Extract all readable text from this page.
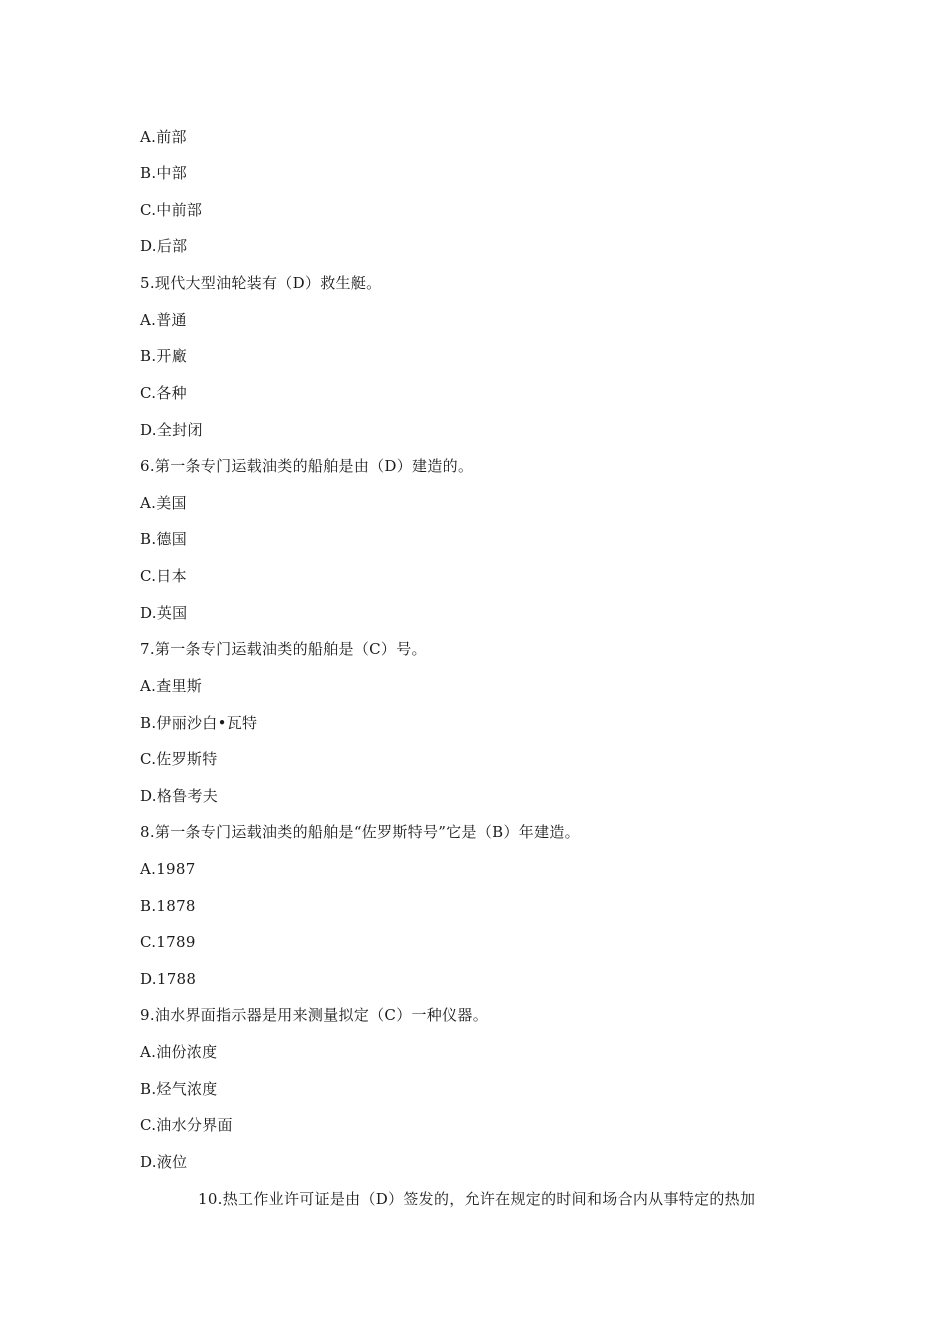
A.前部
B.中部
C.中前部
D.后部
5.现代大型油轮装有（D）救生艇。
A.普通
B.开廠
C.各种
D.全封闭
6.第一条专门运载油类的船舶是由（D）建造的。
A.美国
B.德国
C.日本
D.英国
7.第一条专门运载油类的船舶是（C）号。
A.查里斯
B.伊丽沙白•瓦特
C.佐罗斯特
D.格鲁考夫
8.第一条专门运载油类的船舶是“佐罗斯特号”它是（B）年建造。
A.1987
B.1878
C.1789
D.1788
9.油水界面指示器是用来测量拟定（C）一种仪器。
A.油份浓度
B.烃气浓度
C.油水分界面
D.液位
10.热工作业许可证是由（D）签发的，允许在规定的时间和场合内从事特定的热加
